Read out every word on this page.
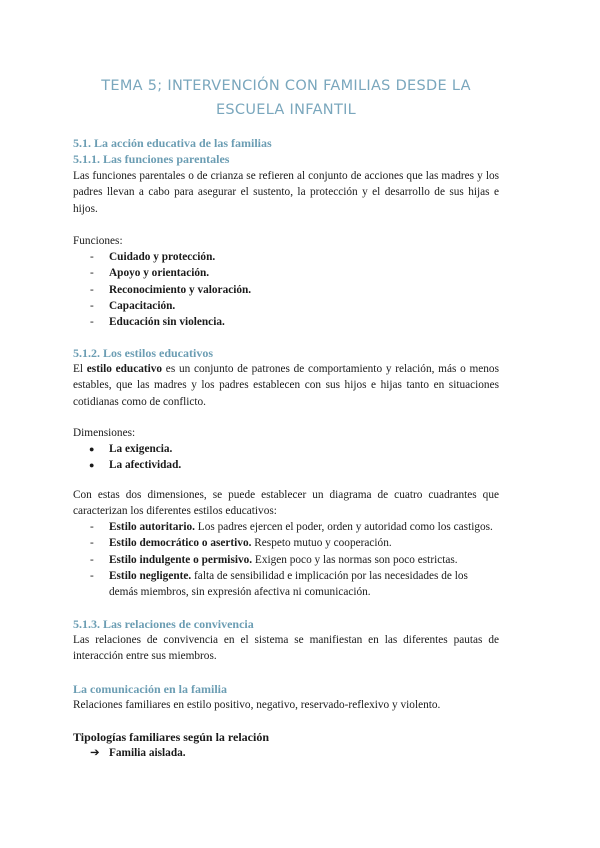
TEMA 5; INTERVENCIÓN CON FAMILIAS DESDE LA
ESCUELA INFANTIL
5.1. La acción educativa de las familias
5.1.1. Las funciones parentales

Las funciones parentales o de crianza se refieren al conjunto de acciones que las madres y los padres llevan a cabo para asegurar el sustento, la protección y el desarrollo de sus hijas e hijos.

Funciones:

-	Cuidado y protección.
-	Apoyo y orientación.
-	Reconocimiento y valoración.
-	Capacitación.
-	Educación sin violencia.
5.1.2. Los estilos educativos

El estilo educativo es un conjunto de patrones de comportamiento y relación, más o menos estables, que las madres y los padres establecen con sus hijos e hijas tanto en situaciones cotidianas como de conflicto.

Dimensiones:

●	La exigencia.
●	La afectividad.

Con estas dos dimensiones, se puede establecer un diagrama de cuatro cuadrantes que caracterizan los diferentes estilos educativos:

-	Estilo autoritario. Los padres ejercen el poder, orden y autoridad como los castigos.
-	Estilo democrático o asertivo. Respeto mutuo y cooperación.
-	Estilo indulgente o permisivo. Exigen poco y las normas son poco estrictas.
-	Estilo negligente. falta de sensibilidad e implicación por las necesidades de los demás miembros, sin expresión afectiva ni comunicación.
5.1.3. Las relaciones de convivencia

Las relaciones de convivencia en el sistema se manifiestan en las diferentes pautas de interacción entre sus miembros.

La comunicación en la familia

Relaciones familiares en estilo positivo, negativo, reservado-reflexivo y violento.

Tipologías familiares según la relación
➔ Familia aislada.
